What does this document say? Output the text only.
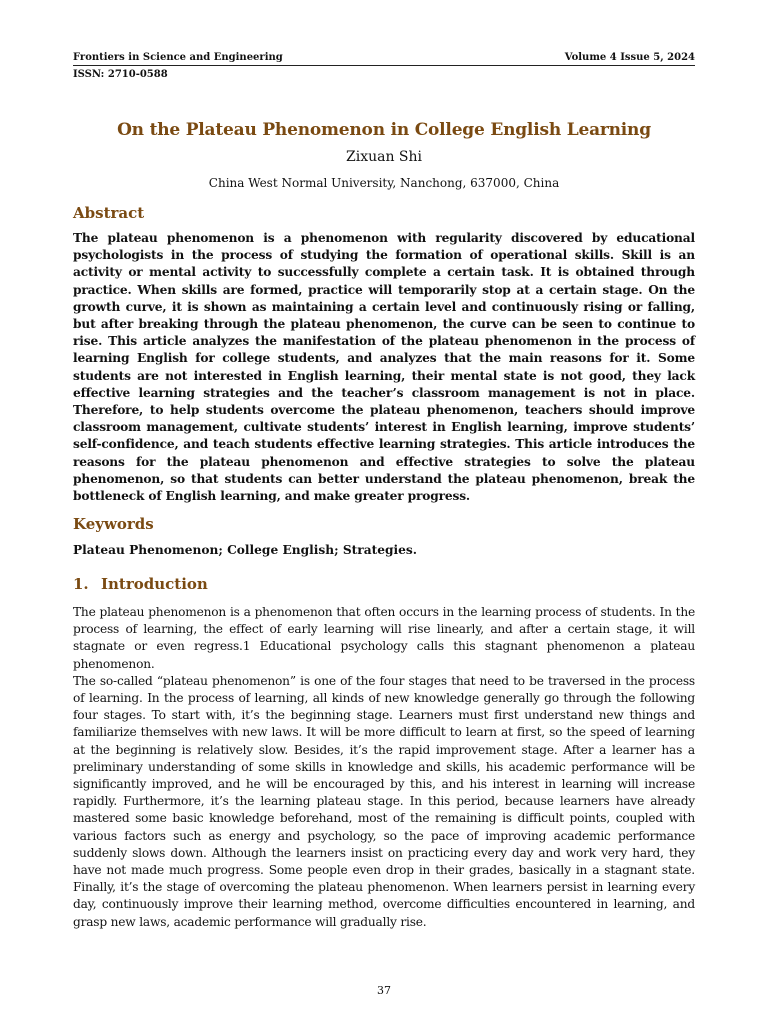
Frontiers in Science and Engineering	Volume 4 Issue 5, 2024
ISSN: 2710-0588
On the Plateau Phenomenon in College English Learning
Zixuan Shi
China West Normal University, Nanchong, 637000, China
Abstract
The plateau phenomenon is a phenomenon with regularity discovered by educational psychologists in the process of studying the formation of operational skills. Skill is an activity or mental activity to successfully complete a certain task. It is obtained through practice. When skills are formed, practice will temporarily stop at a certain stage. On the growth curve, it is shown as maintaining a certain level and continuously rising or falling, but after breaking through the plateau phenomenon, the curve can be seen to continue to rise. This article analyzes the manifestation of the plateau phenomenon in the process of learning English for college students, and analyzes that the main reasons for it. Some students are not interested in English learning, their mental state is not good, they lack effective learning strategies and the teacher’s classroom management is not in place. Therefore, to help students overcome the plateau phenomenon, teachers should improve classroom management, cultivate students’ interest in English learning, improve students’ self-confidence, and teach students effective learning strategies. This article introduces the reasons for the plateau phenomenon and effective strategies to solve the plateau phenomenon, so that students can better understand the plateau phenomenon, break the bottleneck of English learning, and make greater progress.
Keywords
Plateau Phenomenon; College English; Strategies.
1. Introduction

The plateau phenomenon is a phenomenon that often occurs in the learning process of students. In the process of learning, the effect of early learning will rise linearly, and after a certain stage, it will stagnate or even regress.1 Educational psychology calls this stagnant phenomenon a plateau phenomenon.

The so-called “plateau phenomenon” is one of the four stages that need to be traversed in the process of learning. In the process of learning, all kinds of new knowledge generally go through the following four stages. To start with, it’s the beginning stage. Learners must first understand new things and familiarize themselves with new laws. It will be more difficult to learn at first, so the speed of learning at the beginning is relatively slow. Besides, it’s the rapid improvement stage. After a learner has a preliminary understanding of some skills in knowledge and skills, his academic performance will be significantly improved, and he will be encouraged by this, and his interest in learning will increase rapidly. Furthermore, it’s the learning plateau stage. In this period, because learners have already mastered some basic knowledge beforehand, most of the remaining is difficult points, coupled with various factors such as energy and psychology, so the pace of improving academic performance suddenly slows down. Although the learners insist on practicing every day and work very hard, they have not made much progress. Some people even drop in their grades, basically in a stagnant state. Finally, it’s the stage of overcoming the plateau phenomenon. When learners persist in learning every day, continuously improve their learning method, overcome difficulties encountered in learning, and grasp new laws, academic performance will gradually rise.

37
